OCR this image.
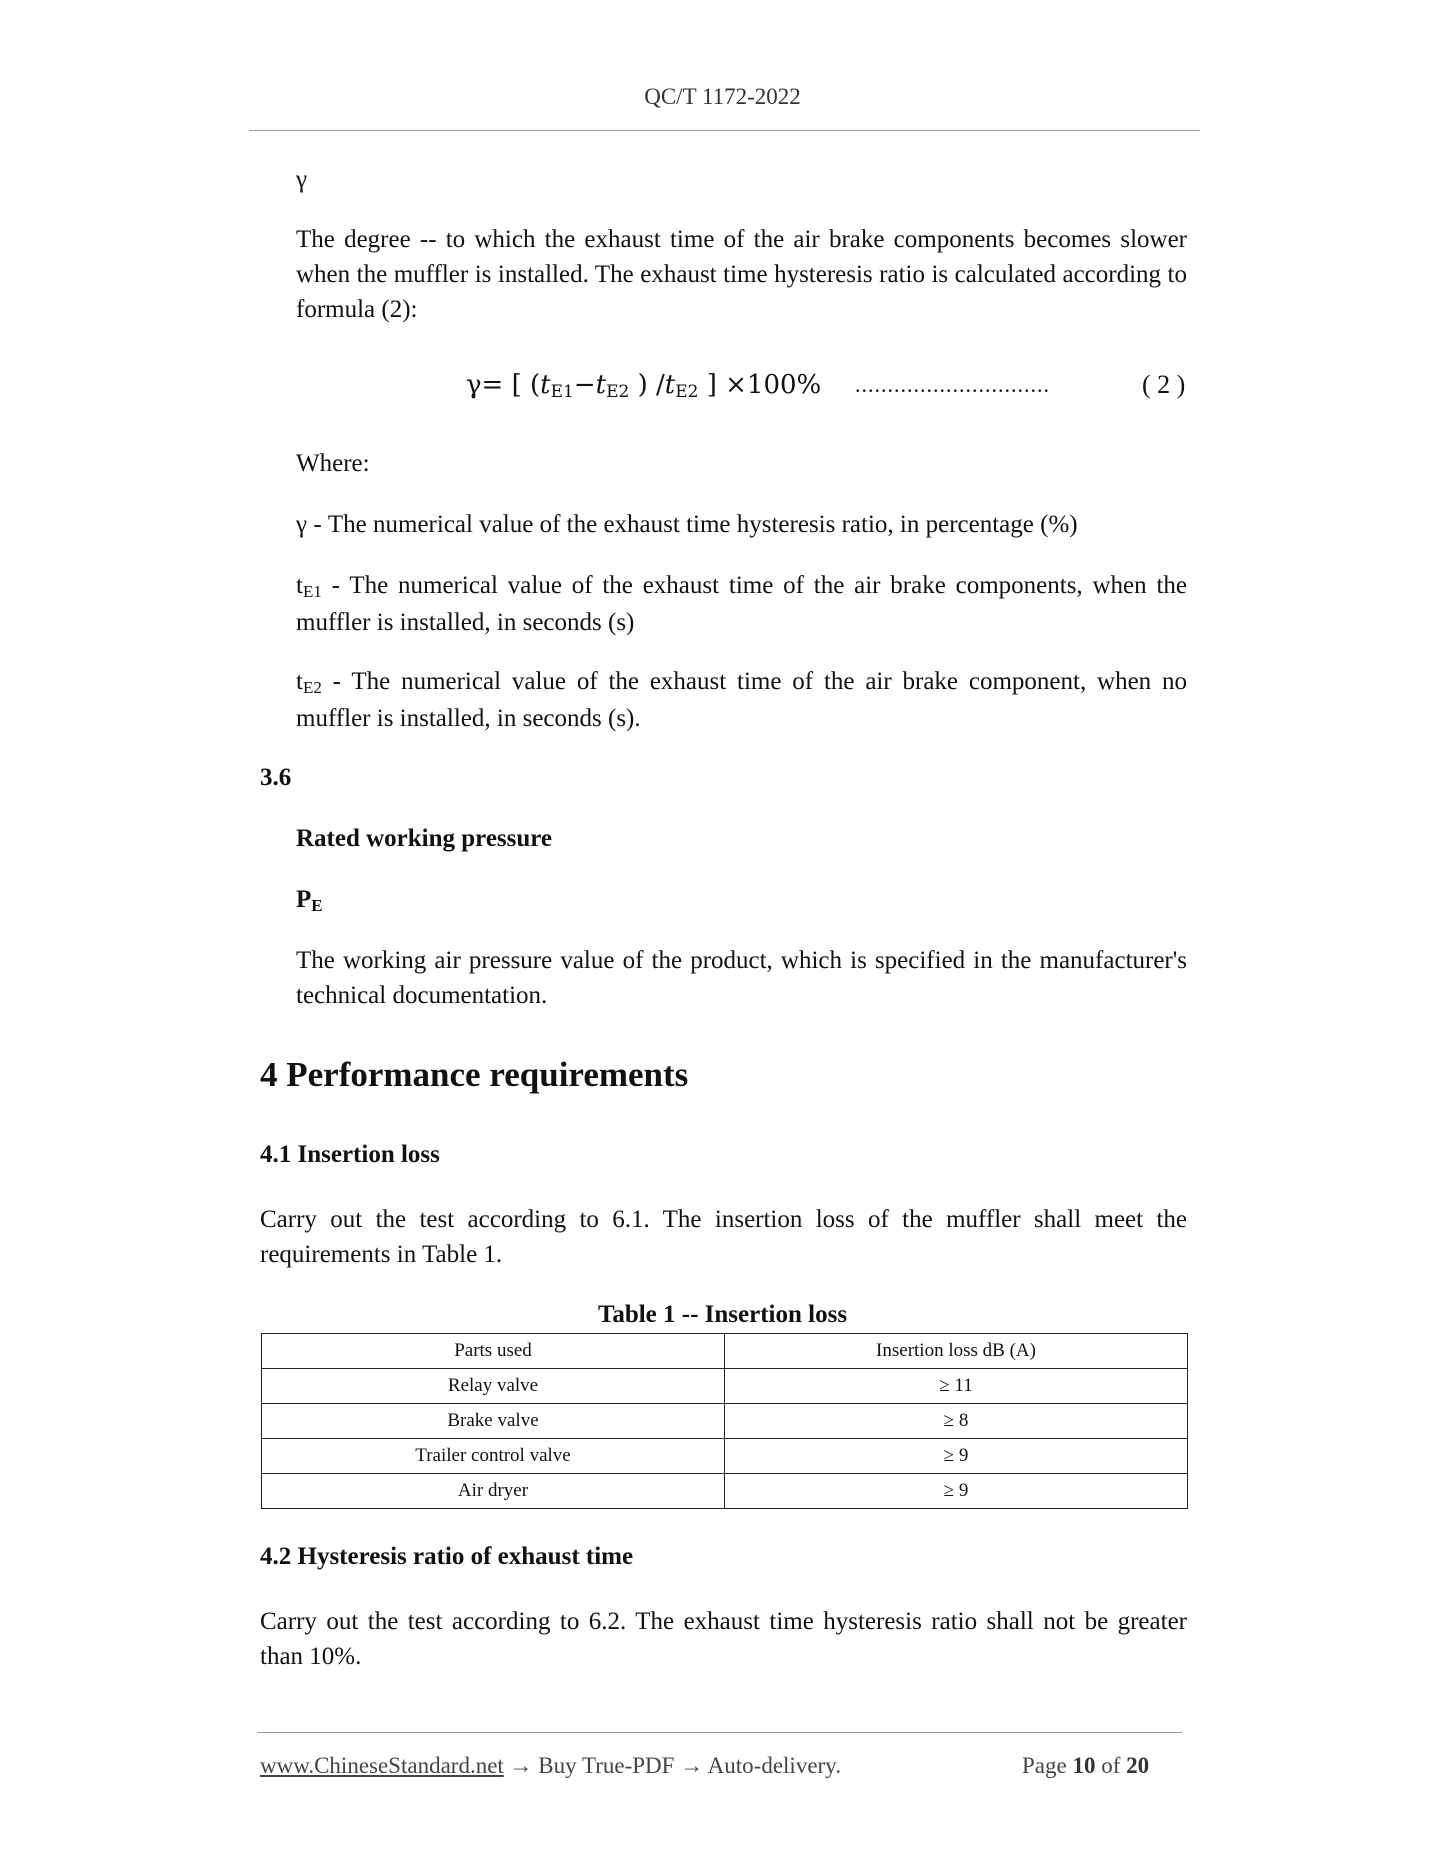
QC/T 1172-2022
γ
The degree -- to which the exhaust time of the air brake components becomes slower when the muffler is installed. The exhaust time hysteresis ratio is calculated according to formula (2):
γ= [ (tE1−tE2 ) /tE2 ] ×100% ..............................	( 2 )
Where:
γ - The numerical value of the exhaust time hysteresis ratio, in percentage (%)
tE1 - The numerical value of the exhaust time of the air brake components, when the muffler is installed, in seconds (s)
tE2 - The numerical value of the exhaust time of the air brake component, when no muffler is installed, in seconds (s).
3.6
Rated working pressure
PE
The working air pressure value of the product, which is specified in the manufacturer's technical documentation.
4 Performance requirements
4.1 Insertion loss
Carry out the test according to 6.1. The insertion loss of the muffler shall meet the requirements in Table 1.
Table 1 -- Insertion loss
Parts used	Insertion loss dB (A)
Relay valve	≥ 11
Brake valve	≥ 8
Trailer control valve	≥ 9
Air dryer	≥ 9
4.2 Hysteresis ratio of exhaust time
Carry out the test according to 6.2. The exhaust time hysteresis ratio shall not be greater than 10%.
www.ChineseStandard.net → Buy True-PDF → Auto-delivery.	Page 10 of 20
